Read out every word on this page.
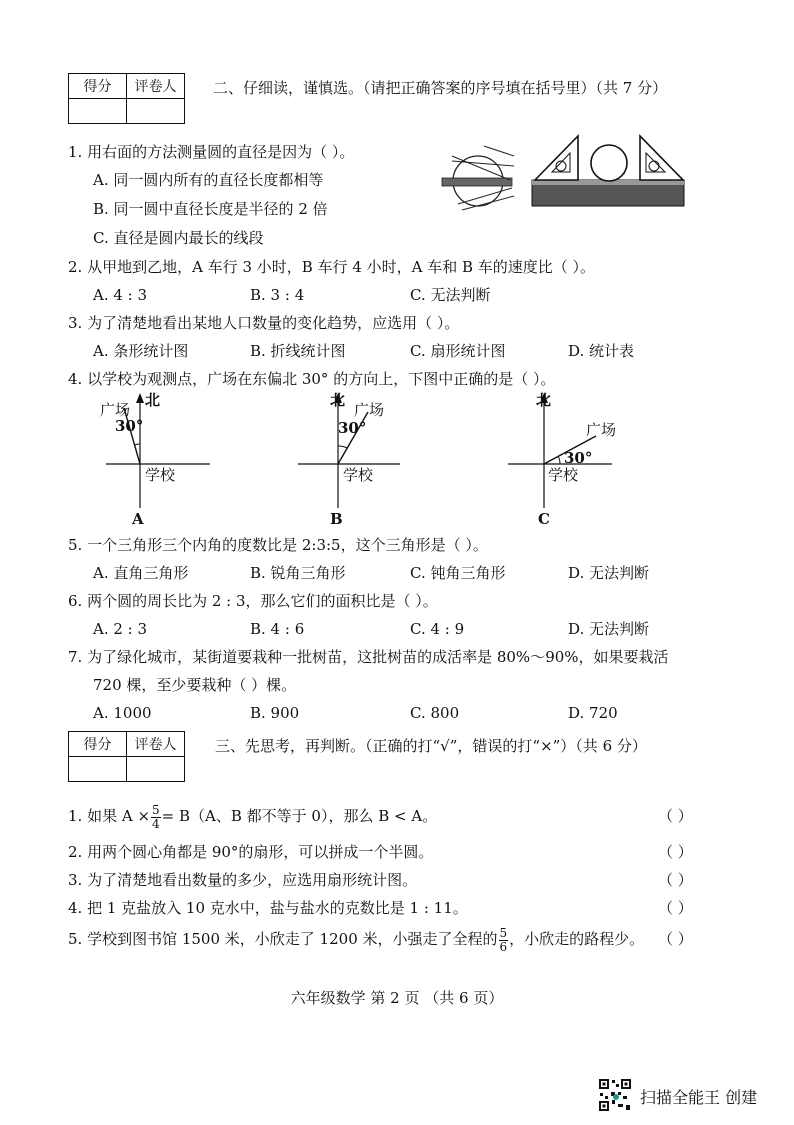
得分	评卷人
	二、仔细读，谨慎选。（请把正确答案的序号填在括号里）（共 7 分）
1. 用右面的方法测量圆的直径是因为（ ）。
A. 同一圆内所有的直径长度都相等
B. 同一圆中直径长度是半径的 2 倍
C. 直径是圆内最长的线段
2. 从甲地到乙地，A 车行 3 小时，B 车行 4 小时，A 车和 B 车的速度比（ ）。
A. 4 : 3	B. 3 : 4	C. 无法判断
3. 为了清楚地看出某地人口数量的变化趋势，应选用（ ）。
A. 条形统计图	B. 折线统计图	C. 扇形统计图	D. 统计表
4. 以学校为观测点，广场在东偏北 30° 的方向上，下图中正确的是（ ）。
北
广场
30°
学校
A
北
广场
30°
学校
B
北
广场
30°
学校
C
5. 一个三角形三个内角的度数比是 2:3:5，这个三角形是（ ）。
A. 直角三角形	B. 锐角三角形	C. 钝角三角形	D. 无法判断
6. 两个圆的周长比为 2 : 3，那么它们的面积比是（ ）。
A. 2 : 3	B. 4 : 6	C. 4 : 9	D. 无法判断
7. 为了绿化城市，某街道要栽种一批树苗，这批树苗的成活率是 80%～90%，如果要栽活
720 棵，至少要栽种（ ）棵。
A. 1000	B. 900	C. 800	D. 720
得分	评卷人
		三、先思考，再判断。（正确的打“√”，错误的打“×”）（共 6 分）
1. 如果 $A \times \frac{5}{4} = B(A$、B 都不等于 0），那么 B < A。	（ ）
2. 用两个圆心角都是 90°的扇形，可以拼成一个半圆。	（ ）
3. 为了清楚地看出数量的多少，应选用扇形统计图。	（ ）
4. 把 1 克盐放入 10 克水中，盐与盐水的克数比是 1 : 11。	（ ）
5. 学校到图书馆 1500 米，小欣走了 1200 米，小强走了全程的 $\frac{5}{6}$ ，小欣走的路程少。 （ ）
六年级数学 第 2 页 （共 6 页）
扫描全能王 创建
